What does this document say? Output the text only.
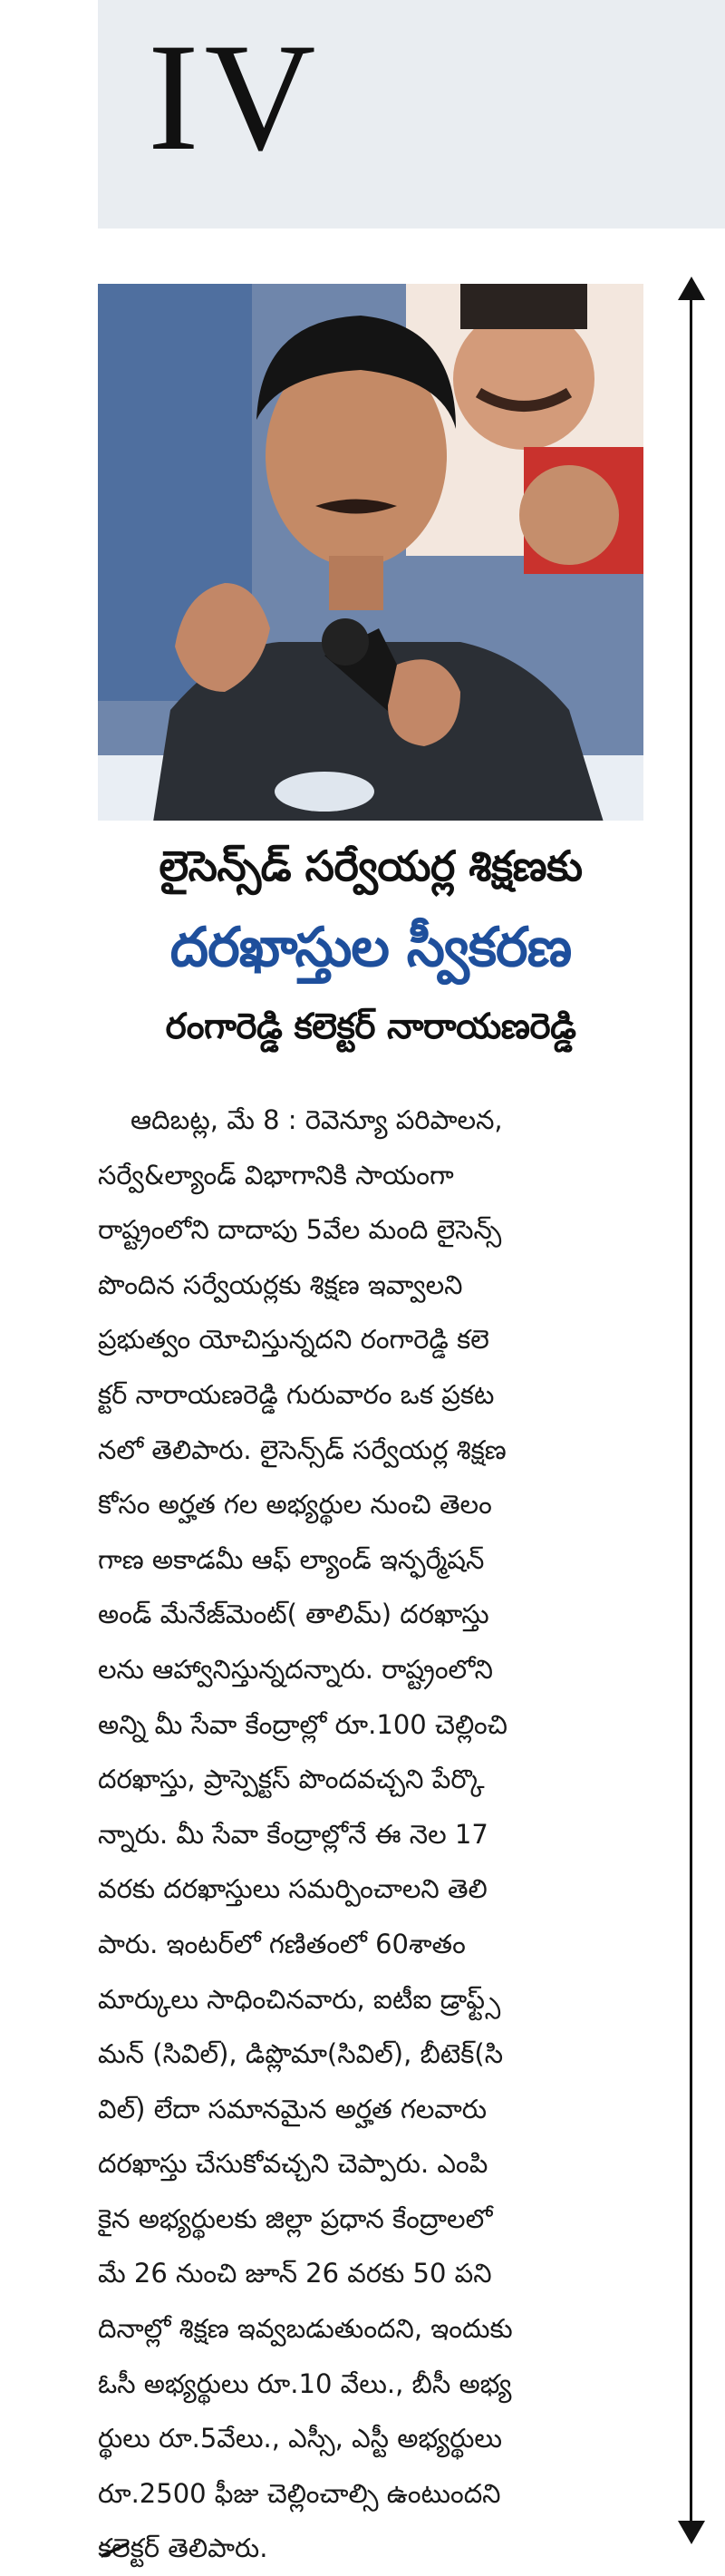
IV
లైసెన్స్‌డ్ సర్వేయర్ల శిక్షణకు
దరఖాస్తుల స్వీకరణ
రంగారెడ్డి కలెక్టర్ నారాయణరెడ్డి
ఆదిబట్ల, మే 8 : రెవెన్యూ పరిపాలన,
సర్వే&ల్యాండ్ విభాగానికి సాయంగా
రాష్ట్రంలోని దాదాపు 5వేల మంది లైసెన్స్
పొందిన సర్వేయర్లకు శిక్షణ ఇవ్వాలని
ప్రభుత్వం యోచిస్తున్నదని రంగారెడ్డి కలె
క్టర్ నారాయణరెడ్డి గురువారం ఒక ప్రకట
నలో తెలిపారు. లైసెన్స్‌డ్ సర్వేయర్ల శిక్షణ
కోసం అర్హత గల అభ్యర్థుల నుంచి తెలం
గాణ అకాడమీ ఆఫ్ ల్యాండ్ ఇన్ఫర్మేషన్
అండ్ మేనేజ్‌మెంట్( తాలిమ్) దరఖాస్తు
లను ఆహ్వానిస్తున్నదన్నారు. రాష్ట్రంలోని
అన్ని మీ సేవా కేంద్రాల్లో రూ.100 చెల్లించి
దరఖాస్తు, ప్రాస్పెక్టస్ పొందవచ్చని పేర్కొ
న్నారు. మీ సేవా కేంద్రాల్లోనే ఈ నెల 17
వరకు దరఖాస్తులు సమర్పించాలని తెలి
పారు. ఇంటర్‌లో గణితంలో 60శాతం
మార్కులు సాధించినవారు, ఐటీఐ డ్రాఫ్ట్స్
మన్ (సివిల్), డిప్లొమా(సివిల్), బీటెక్(సి
విల్) లేదా సమానమైన అర్హత గలవారు
దరఖాస్తు చేసుకోవచ్చని చెప్పారు. ఎంపి
కైన అభ్యర్థులకు జిల్లా ప్రధాన కేంద్రాలలో
మే 26 నుంచి జూన్ 26 వరకు 50 పని
దినాల్లో శిక్షణ ఇవ్వబడుతుందని, ఇందుకు
ఓసీ అభ్యర్థులు రూ.10 వేలు., బీసీ అభ్య
ర్థులు రూ.5వేలు., ఎస్సీ, ఎస్టీ అభ్యర్థులు
రూ.2500 ఫీజు చెల్లించాల్సి ఉంటుందని
కలెక్టర్ తెలిపారు.
